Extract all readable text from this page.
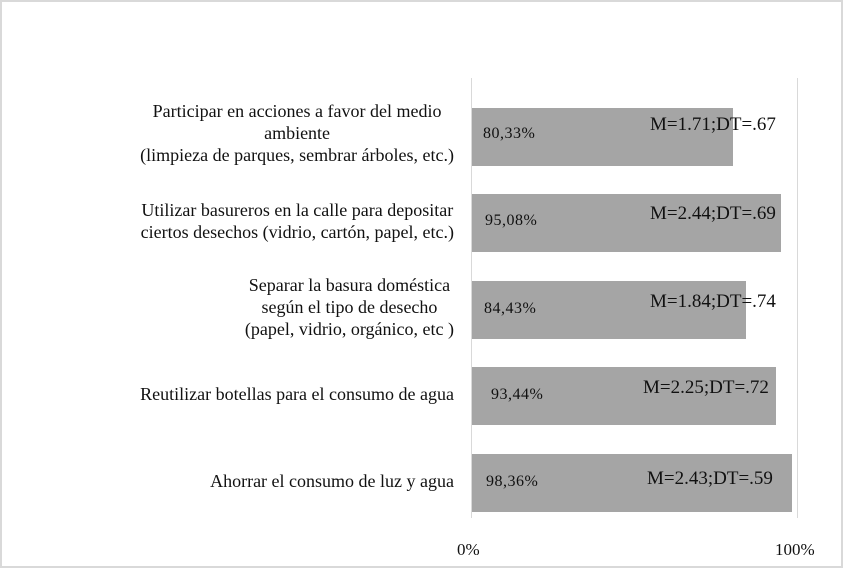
Participar en acciones a favor del medio
ambiente
(limpieza de parques, sembrar árboles, etc.)
Utilizar basureros en la calle para depositar
ciertos desechos (vidrio, cartón, papel, etc.)
Separar la basura doméstica
según el tipo de desecho
(papel, vidrio, orgánico, etc )
Reutilizar botellas para el consumo de agua
Ahorrar el consumo de luz y agua
80,33%
95,08%
84,43%
93,44%
98,36%
M=1.71;DT=.67
M=2.44;DT=.69
M=1.84;DT=.74
M=2.25;DT=.72
M=2.43;DT=.59
0%	100%
